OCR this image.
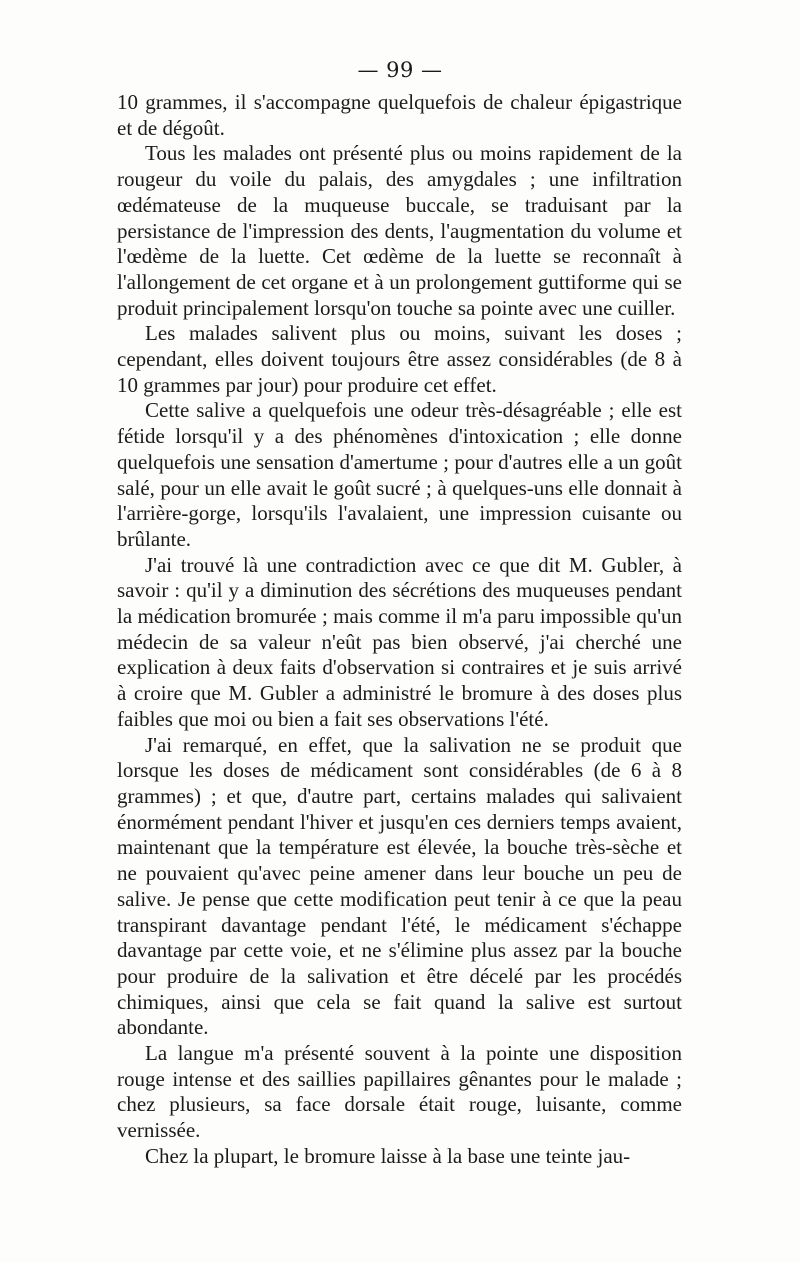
— 99 —

10 grammes, il s'accompagne quelquefois de chaleur épigastrique et de dégoût.

Tous les malades ont présenté plus ou moins rapidement de la rougeur du voile du palais, des amygdales ; une infiltration œdémateuse de la muqueuse buccale, se traduisant par la persistance de l'impression des dents, l'augmentation du volume et l'œdème de la luette. Cet œdème de la luette se reconnaît à l'allongement de cet organe et à un prolongement guttiforme qui se produit principalement lorsqu'on touche sa pointe avec une cuiller.

Les malades salivent plus ou moins, suivant les doses ; cependant, elles doivent toujours être assez considérables (de 8 à 10 grammes par jour) pour produire cet effet.

Cette salive a quelquefois une odeur très-désagréable ; elle est fétide lorsqu'il y a des phénomènes d'intoxication ; elle donne quelquefois une sensation d'amertume ; pour d'autres elle a un goût salé, pour un elle avait le goût sucré ; à quelques-uns elle donnait à l'arrière-gorge, lorsqu'ils l'avalaient, une impression cuisante ou brûlante.

J'ai trouvé là une contradiction avec ce que dit M. Gubler, à savoir : qu'il y a diminution des sécrétions des muqueuses pendant la médication bromurée ; mais comme il m'a paru impossible qu'un médecin de sa valeur n'eût pas bien observé, j'ai cherché une explication à deux faits d'observation si contraires et je suis arrivé à croire que M. Gubler a administré le bromure à des doses plus faibles que moi ou bien a fait ses observations l'été.

J'ai remarqué, en effet, que la salivation ne se produit que lorsque les doses de médicament sont considérables (de 6 à 8 grammes) ; et que, d'autre part, certains malades qui salivaient énormément pendant l'hiver et jusqu'en ces derniers temps avaient, maintenant que la température est élevée, la bouche très-sèche et ne pouvaient qu'avec peine amener dans leur bouche un peu de salive. Je pense que cette modification peut tenir à ce que la peau transpirant davantage pendant l'été, le médicament s'échappe davantage par cette voie, et ne s'élimine plus assez par la bouche pour produire de la salivation et être décelé par les procédés chimiques, ainsi que cela se fait quand la salive est surtout abondante.

La langue m'a présenté souvent à la pointe une disposition rouge intense et des saillies papillaires gênantes pour le malade ; chez plusieurs, sa face dorsale était rouge, luisante, comme vernissée.

Chez la plupart, le bromure laisse à la base une teinte jau-
